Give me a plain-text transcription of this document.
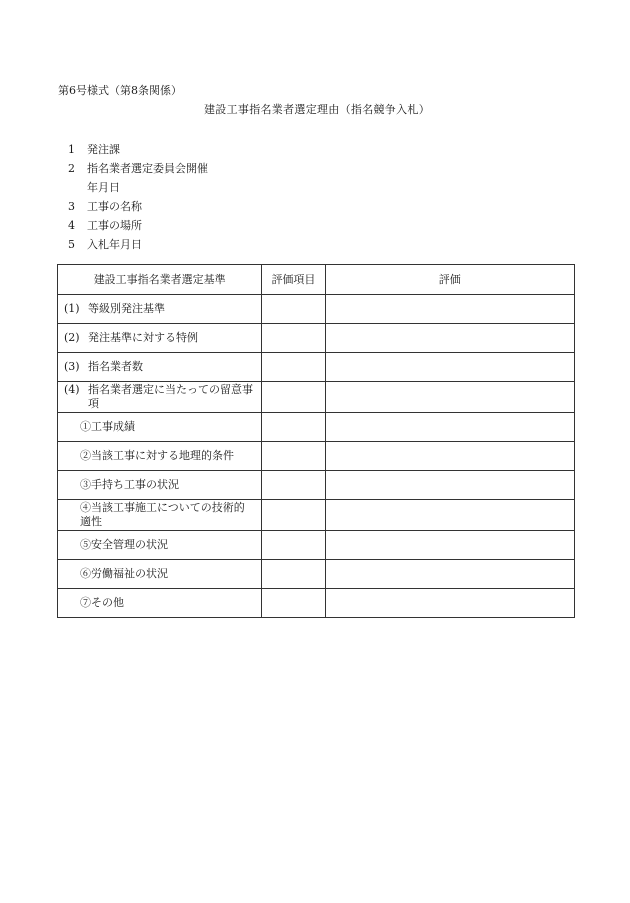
第6号様式（第8条関係）
建設工事指名業者選定理由（指名競争入札）
1	発注課
2	指名業者選定委員会開催
年月日
3	工事の名称
4	工事の場所
5	入札年月日
建設工事指名業者選定基準	評価項目	評価

(1) 等級別発注基準		

(2) 発注基準に対する特例		

(3) 指名業者数		

(4) 指名業者選定に当たっての留意事項		

①工事成績		

②当該工事に対する地理的条件		

③手持ち工事の状況		

④当該工事施工についての技術的適性		

⑤安全管理の状況		

⑥労働福祉の状況		

⑦その他		
